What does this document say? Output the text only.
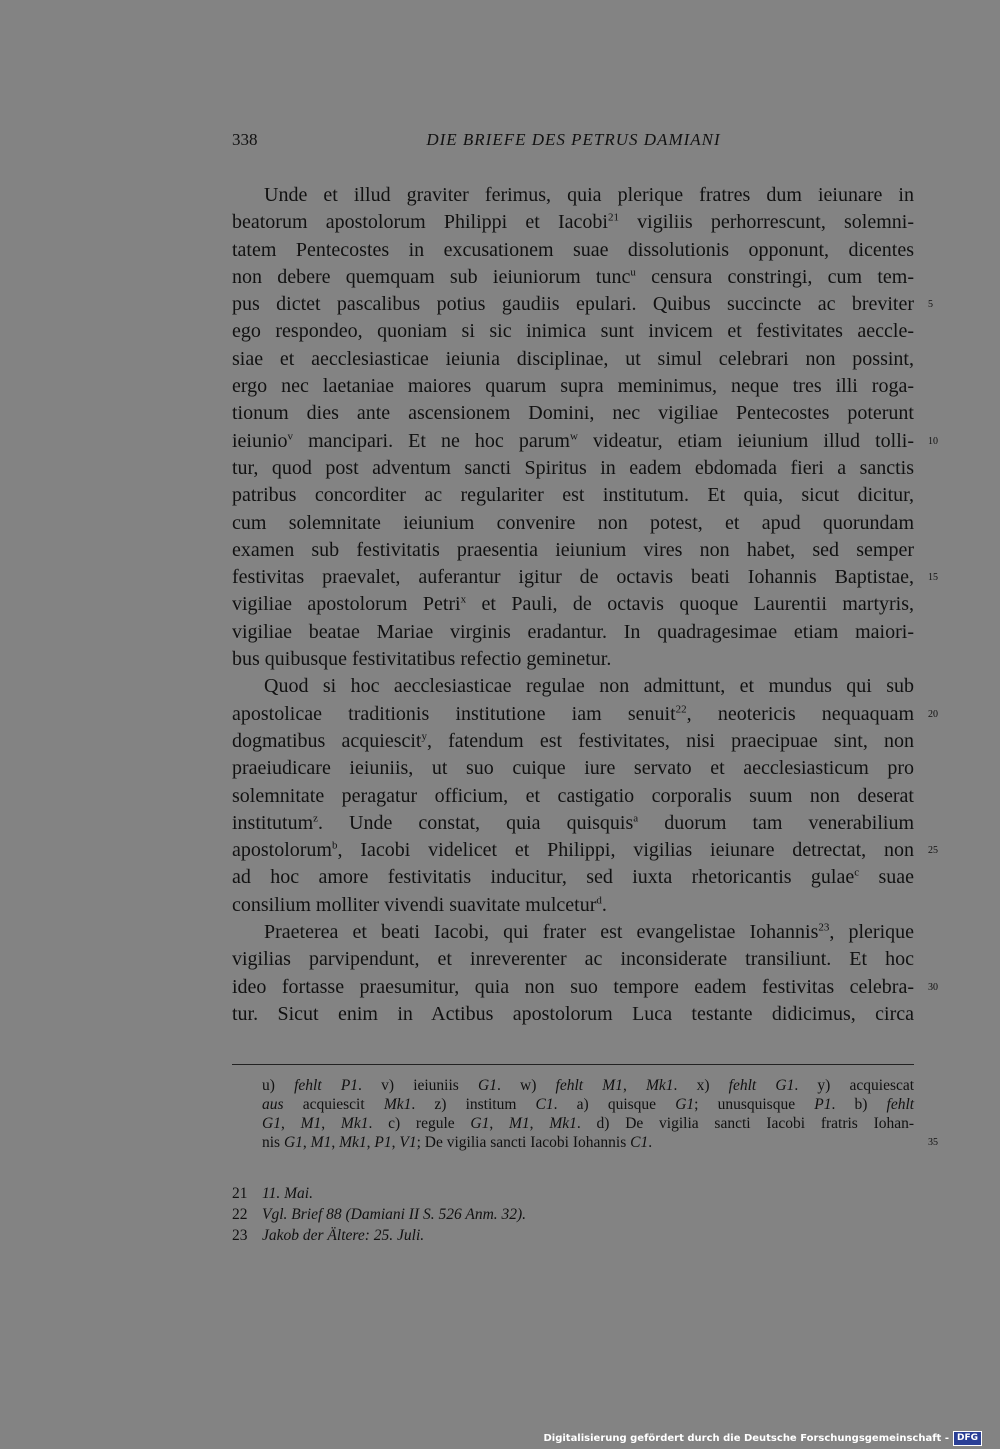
338	DIE BRIEFE DES PETRUS DAMIANI
Unde et illud graviter ferimus, quia plerique fratres dum ieiunare in
beatorum apostolorum Philippi et Iacobi$^{21}$ vigiliis perhorrescunt, solemni-
tatem Pentecostes in excusationem suae dissolutionis opponunt, dicentes
non debere quemquam sub ieiuniorum tunc$^u$ censura constringi, cum tem-
pus dictet pascalibus potius gaudiis epulari. Quibus succincte ac breviter 5
ego respondeo, quoniam si sic inimica sunt invicem et festivitates aeccle-
siae et aecclesiasticae ieiunia disciplinae, ut simul celebrari non possint,
ergo nec laetaniae maiores quarum supra meminimus, neque tres illi roga-
tionum dies ante ascensionem Domini, nec vigiliae Pentecostes poterunt
ieiunio$^v$ mancipari. Et ne hoc parum$^w$ videatur, etiam ieiunium illud tolli- 10
tur, quod post adventum sancti Spiritus in eadem ebdomada fieri a sanctis
patribus concorditer ac regulariter est institutum. Et quia, sicut dicitur,
cum solemnitate ieiunium convenire non potest, et apud quorundam
examen sub festivitatis praesentia ieiunium vires non habet, sed semper
festivitas praevalet, auferantur igitur de octavis beati Iohannis Baptistae, 15
vigiliae apostolorum Petri$^x$ et Pauli, de octavis quoque Laurentii martyris,
vigiliae beatae Mariae virginis eradantur. In quadragesimae etiam maiori-
bus quibusque festivitatibus refectio geminetur.
Quod si hoc aecclesiasticae regulae non admittunt, et mundus qui sub
apostolicae traditionis institutione iam senuit$^{22}$, neotericis nequaquam 20
dogmatibus acquiescit$^y$, fatendum est festivitates, nisi praecipuae sint, non
praeiudicare ieiuniis, ut suo cuique iure servato et aecclesiasticum pro
solemnitate peragatur officium, et castigatio corporalis suum non deserat
institutum$^z$. Unde constat, quia quisquis$^a$ duorum tam venerabilium
apostolorum$^b$, Iacobi videlicet et Philippi, vigilias ieiunare detrectat, non 25
ad hoc amore festivitatis inducitur, sed iuxta rhetoricantis gulae$^c$ suae
consilium molliter vivendi suavitate mulcetur$^d$.
Praeterea et beati Iacobi, qui frater est evangelistae Iohannis$^{23}$, plerique
vigilias parvipendunt, et inreverenter ac inconsiderate transiliunt. Et hoc
ideo fortasse praesumitur, quia non suo tempore eadem festivitas celebra- 30
tur. Sicut enim in Actibus apostolorum Luca testante didicimus, circa
u) fehlt P1. v) ieiuniis G1. w) fehlt M1, Mk1. x) fehlt G1. y) acquiescat
aus acquiescit Mk1. z) institum C1. a) quisque G1; unusquisque P1. b) fehlt
G1, M1, Mk1. c) regule G1, M1, Mk1. d) De vigilia sancti Iacobi fratris Iohan-
nis G1, M1, Mk1, P1, V1; De vigilia sancti Iacobi Iohannis C1.	35
21 11. Mai.
22 Vgl. Brief 88 (Damiani II S. 526 Anm. 32).
23 Jakob der Ältere: 25. Juli.
Digitalisierung gefördert durch die Deutsche Forschungsgemeinschaft - DFG
